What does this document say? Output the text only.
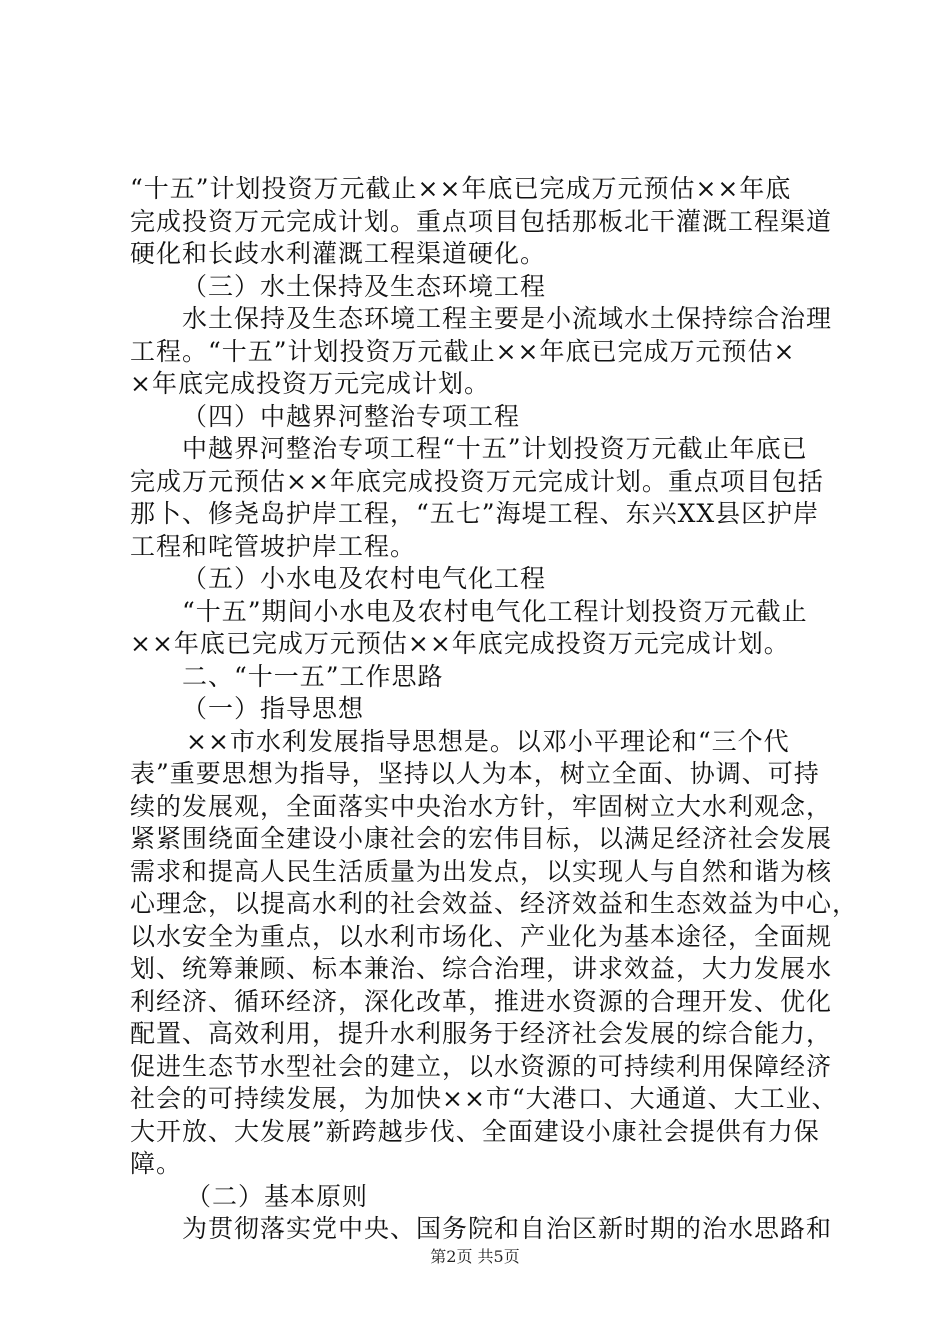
“十五”计划投资万元截止××年底已完成万元预估××年底
完成投资万元完成计划。重点项目包括那板北干灌溉工程渠道
硬化和长歧水利灌溉工程渠道硬化。
（三）水土保持及生态环境工程
水土保持及生态环境工程主要是小流域水土保持综合治理
工程。“十五”计划投资万元截止××年底已完成万元预估×
×年底完成投资万元完成计划。
（四）中越界河整治专项工程
中越界河整治专项工程“十五”计划投资万元截止年底已
完成万元预估××年底完成投资万元完成计划。重点项目包括
那卜、修尧岛护岸工程，“五七”海堤工程、东兴XX县区护岸
工程和咤管坡护岸工程。
（五）小水电及农村电气化工程
“十五”期间小水电及农村电气化工程计划投资万元截止
××年底已完成万元预估××年底完成投资万元完成计划。
二、“十一五”工作思路
（一）指导思想
××市水利发展指导思想是。以邓小平理论和“三个代
表”重要思想为指导，坚持以人为本，树立全面、协调、可持
续的发展观，全面落实中央治水方针，牢固树立大水利观念，
紧紧围绕面全建设小康社会的宏伟目标，以满足经济社会发展
需求和提高人民生活质量为出发点，以实现人与自然和谐为核
心理念，以提高水利的社会效益、经济效益和生态效益为中心，
以水安全为重点，以水利市场化、产业化为基本途径，全面规
划、统筹兼顾、标本兼治、综合治理，讲求效益，大力发展水
利经济、循环经济，深化改革，推进水资源的合理开发、优化
配置、高效利用，提升水利服务于经济社会发展的综合能力，
促进生态节水型社会的建立，以水资源的可持续利用保障经济
社会的可持续发展，为加快××市“大港口、大通道、大工业、
大开放、大发展”新跨越步伐、全面建设小康社会提供有力保
障。
（二）基本原则
为贯彻落实党中央、国务院和自治区新时期的治水思路和
第2页 共5页
